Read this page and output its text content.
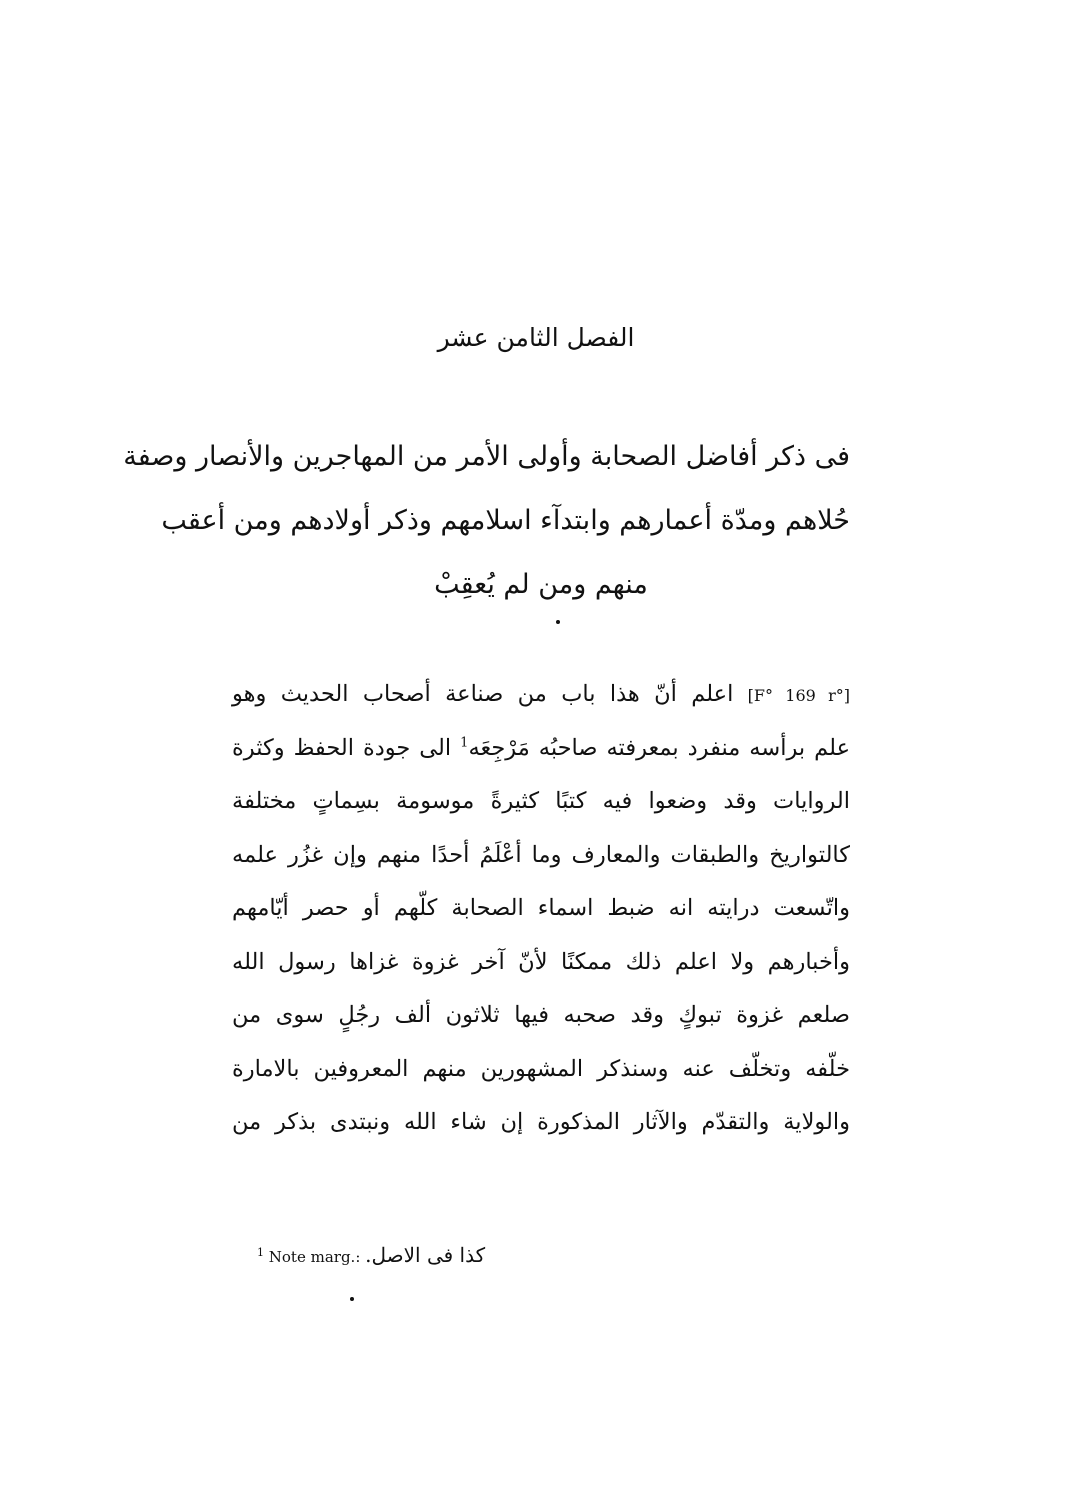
الفصل الثامن عشر
فى ذكر أفاضل الصحابة وأولى الأمر من المهاجرين والأنصار وصفة
حُلاهم ومدّة أعمارهم وابتدآء اسلامهم وذكر أولادهم ومن أعقب
منهم ومن لم يُعقِبْ
[F° 169 r°] اعلم أنّ هذا باب من صناعة أصحاب الحديث وهو
علم برأسه منفرد بمعرفته صاحبُه مَرْجِعَه$^1$ الى جودة الحفظ وكثرة
الروايات وقد وضعوا فيه كتبًا كثيرةً موسومة بسِماتٍ مختلفة
كالتواريخ والطبقات والمعارف وما أعْلَمُ أحدًا منهم وإن غزُر علمه
واتّسعت درايته انه ضبط اسماء الصحابة كلّهم أو حصر أيّامهم
وأخبارهم ولا اعلم ذلك ممكنًا لأنّ آخر غزوة غزاها رسول الله
صلعم غزوة تبوكٍ وقد صحبه فيها ثلاثون ألف رجُلٍ سوى من
خلّفه وتخلّف عنه وسنذكر المشهورين منهم المعروفين بالامارة
والولاية والتقدّم والآثار المذكورة إن شاء الله ونبتدى بذكر من
$^1$ Note marg.: كذا فى الاصل.
